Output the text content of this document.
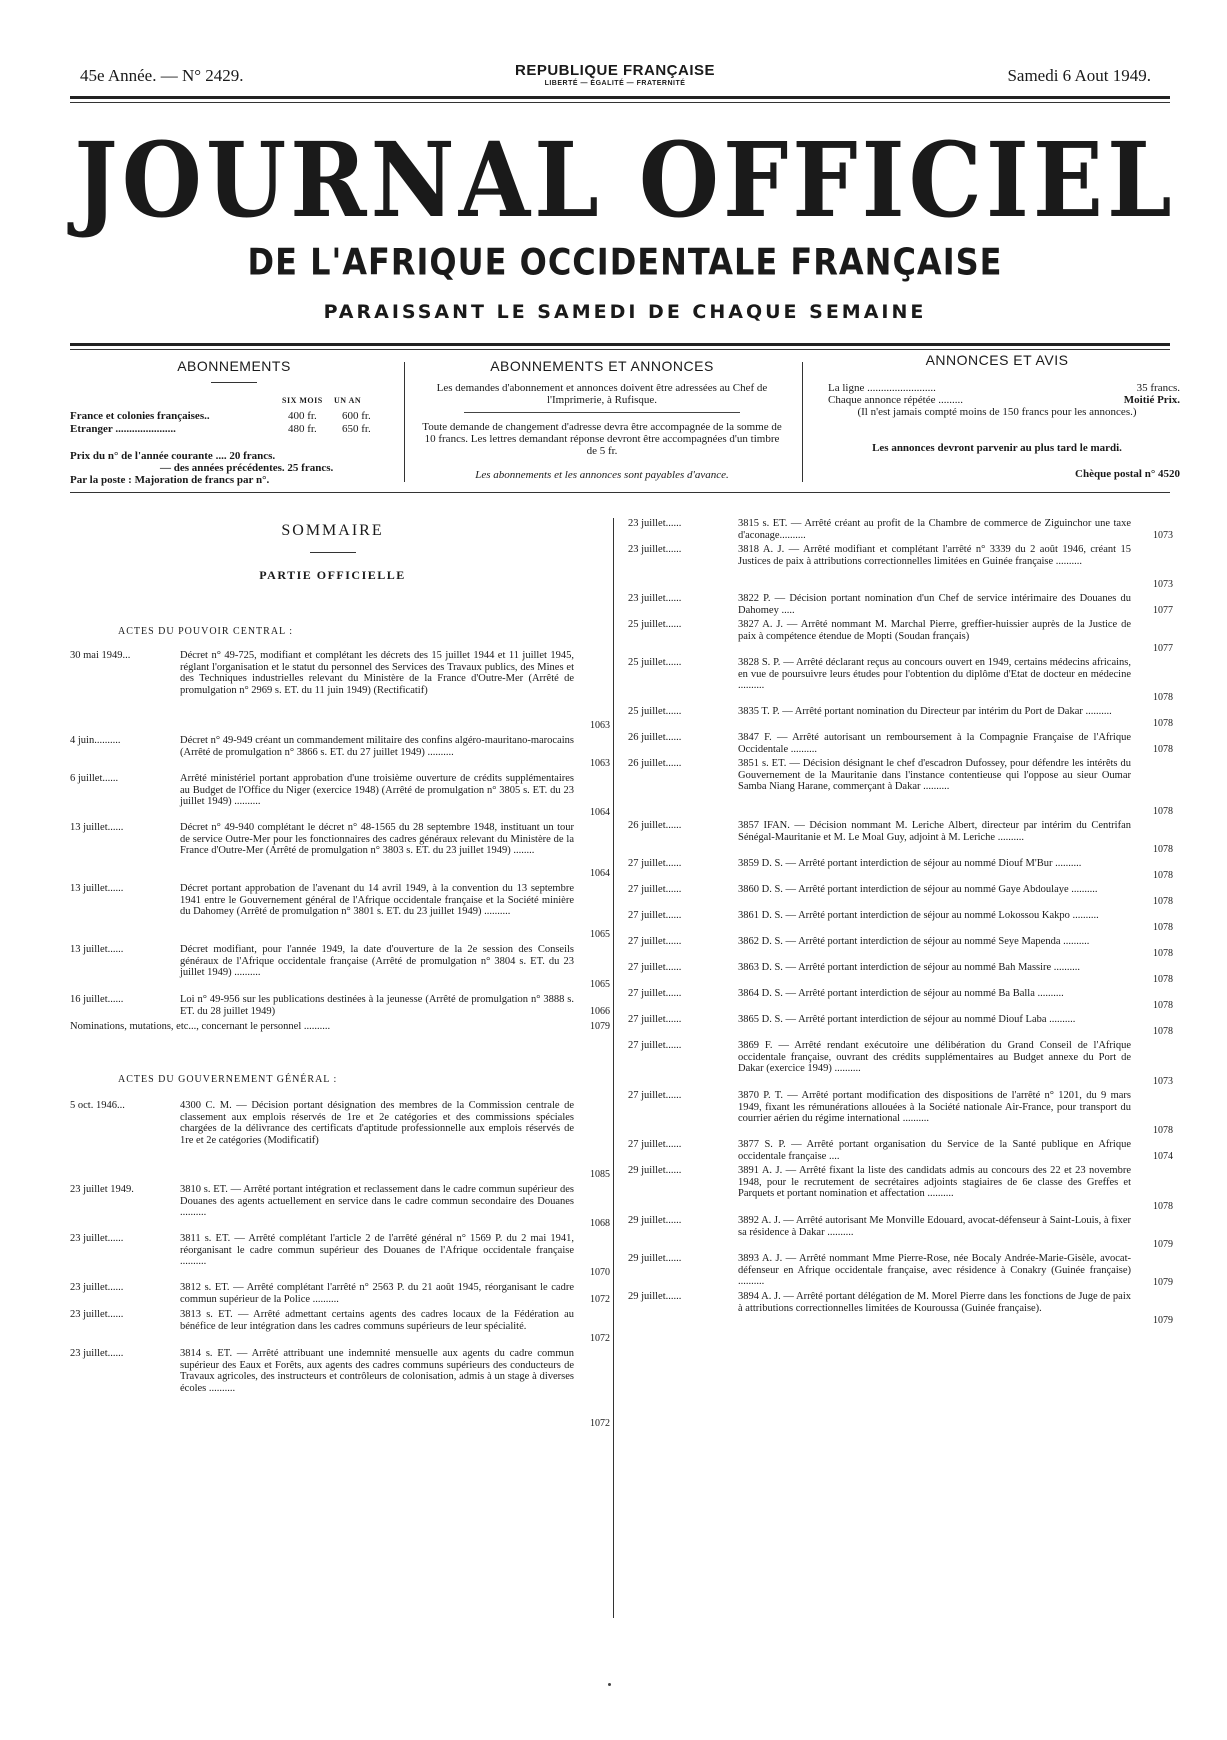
45e Année. — N° 2429.	REPUBLIQUE FRANÇAISE
LIBERTÉ — ÉGALITÉ — FRATERNITÉ	Samedi 6 Aout 1949.
JOURNAL OFFICIEL
DE L'AFRIQUE OCCIDENTALE FRANÇAISE
PARAISSANT LE SAMEDI DE CHAQUE SEMAINE
ABONNEMENTS
SIX MOIS UN AN
France et colonies françaises..	400 fr. 600 fr.
Etranger ......................	480 fr. 650 fr.
Prix du n° de l'année courante .... 20 francs.
— des années précédentes. 25 francs.
Par la poste : Majoration de francs par n°.
ABONNEMENTS ET ANNONCES

Les demandes d'abonnement et annonces doivent être adressées au Chef de l'Imprimerie, à Rufisque.

Toute demande de changement d'adresse devra être accompagnée de la somme de 10 francs. Les lettres demandant réponse devront être accompagnées d'un timbre de 5 fr.

Les abonnements et les annonces sont payables d'avance.

ANNONCES ET AVIS
La ligne .........................	35 francs.
Chaque annonce répétée .........	Moitié Prix.
(Il n'est jamais compté moins de 150 francs pour les annonces.)
Les annonces devront parvenir au plus tard le mardi.
Chèque postal n° 4520
SOMMAIRE
PARTIE OFFICIELLE
ACTES DU POUVOIR CENTRAL :
ACTES DU GOUVERNEMENT GÉNÉRAL :
30 mai 1949...	Décret n° 49-725, modifiant et complétant les décrets des 15 juillet 1944 et 11 juillet 1945, réglant l'organisation et le statut du personnel des Services des Travaux publics, des Mines et des Techniques industrielles relevant du Ministère de la France d'Outre-Mer (Arrêté de promulgation n° 2969 s. ET. du 11 juin 1949) (Rectificatif)
1063
4 juin..........	Décret n° 49-949 créant un commandement militaire des confins algéro-mauritano-marocains (Arrêté de promulgation n° 3866 s. ET. du 27 juillet 1949) ..........
1063
6 juillet......	Arrêté ministériel portant approbation d'une troisième ouverture de crédits supplémentaires au Budget de l'Office du Niger (exercice 1948) (Arrêté de promulgation n° 3805 s. ET. du 23 juillet 1949) ..........
1064
13 juillet......	Décret n° 49-940 complétant le décret n° 48-1565 du 28 septembre 1948, instituant un tour de service Outre-Mer pour les fonctionnaires des cadres généraux relevant du Ministère de la France d'Outre-Mer (Arrêté de promulgation n° 3803 s. ET. du 23 juillet 1949) ........
1064
13 juillet......	Décret portant approbation de l'avenant du 14 avril 1949, à la convention du 13 septembre 1941 entre le Gouvernement général de l'Afrique occidentale française et la Société minière du Dahomey (Arrêté de promulgation n° 3801 s. ET. du 23 juillet 1949) ..........
1065
13 juillet......	Décret modifiant, pour l'année 1949, la date d'ouverture de la 2e session des Conseils généraux de l'Afrique occidentale française (Arrêté de promulgation n° 3804 s. ET. du 23 juillet 1949) ..........
1065
16 juillet......	Loi n° 49-956 sur les publications destinées à la jeunesse (Arrêté de promulgation n° 3888 s. ET. du 28 juillet 1949)	1066
Nominations, mutations, etc..., concernant le personnel ..........	1079
5 oct. 1946...	4300 C. M. — Décision portant désignation des membres de la Commission centrale de classement aux emplois réservés de 1re et 2e catégories et des commissions spéciales chargées de la délivrance des certificats d'aptitude professionnelle aux emplois réservés de 1re et 2e catégories (Modificatif)
1085
23 juillet 1949.	3810 s. ET. — Arrêté portant intégration et reclassement dans le cadre commun supérieur des Douanes des agents actuellement en service dans le cadre commun secondaire des Douanes ..........
1068
23 juillet......	3811 s. ET. — Arrêté complétant l'article 2 de l'arrêté général n° 1569 P. du 2 mai 1941, réorganisant le cadre commun supérieur des Douanes de l'Afrique occidentale française ..........
1070
23 juillet......	3812 s. ET. — Arrêté complétant l'arrêté n° 2563 P. du 21 août 1945, réorganisant le cadre commun supérieur de la Police ..........	1072
23 juillet......	3813 s. ET. — Arrêté admettant certains agents des cadres locaux de la Fédération au bénéfice de leur intégration dans les cadres communs supérieurs de leur spécialité.
1072
23 juillet......	3814 s. ET. — Arrêté attribuant une indemnité mensuelle aux agents du cadre commun supérieur des Eaux et Forêts, aux agents des cadres communs supérieurs des conducteurs de Travaux agricoles, des instructeurs et contrôleurs de colonisation, admis à un stage à diverses écoles ..........
1072
23 juillet......	3815 s. ET. — Arrêté créant au profit de la Chambre de commerce de Ziguinchor une taxe d'aconage..........	1073
23 juillet......	3818 A. J. — Arrêté modifiant et complétant l'arrêté n° 3339 du 2 août 1946, créant 15 Justices de paix à attributions correctionnelles limitées en Guinée française ..........
1073
23 juillet......	3822 P. — Décision portant nomination d'un Chef de service intérimaire des Douanes du Dahomey .....	1077
25 juillet......	3827 A. J. — Arrêté nommant M. Marchal Pierre, greffier-huissier auprès de la Justice de paix à compétence étendue de Mopti (Soudan français)
1077
25 juillet......	3828 S. P. — Arrêté déclarant reçus au concours ouvert en 1949, certains médecins africains, en vue de poursuivre leurs études pour l'obtention du diplôme d'Etat de docteur en médecine ..........
1078
25 juillet......	3835 T. P. — Arrêté portant nomination du Directeur par intérim du Port de Dakar ..........
1078
26 juillet......	3847 F. — Arrêté autorisant un remboursement à la Compagnie Française de l'Afrique Occidentale ..........	1078
26 juillet......	3851 s. ET. — Décision désignant le chef d'escadron Dufossey, pour défendre les intérêts du Gouvernement de la Mauritanie dans l'instance contentieuse qui l'oppose au sieur Oumar Samba Niang Harane, commerçant à Dakar ..........
1078
26 juillet......	3857 IFAN. — Décision nommant M. Leriche Albert, directeur par intérim du Centrifan Sénégal-Mauritanie et M. Le Moal Guy, adjoint à M. Leriche ..........
1078
27 juillet......	3859 D. S. — Arrêté portant interdiction de séjour au nommé Diouf M'Bur ..........
1078
27 juillet......	3860 D. S. — Arrêté portant interdiction de séjour au nommé Gaye Abdoulaye ..........
1078
27 juillet......	3861 D. S. — Arrêté portant interdiction de séjour au nommé Lokossou Kakpo ..........
1078
27 juillet......	3862 D. S. — Arrêté portant interdiction de séjour au nommé Seye Mapenda ..........
1078
27 juillet......	3863 D. S. — Arrêté portant interdiction de séjour au nommé Bah Massire ..........
1078
27 juillet......	3864 D. S. — Arrêté portant interdiction de séjour au nommé Ba Balla ..........
1078
27 juillet......	3865 D. S. — Arrêté portant interdiction de séjour au nommé Diouf Laba ..........
1078
27 juillet......	3869 F. — Arrêté rendant exécutoire une délibération du Grand Conseil de l'Afrique occidentale française, ouvrant des crédits supplémentaires au Budget annexe du Port de Dakar (exercice 1949) ..........
1073
27 juillet......	3870 P. T. — Arrêté portant modification des dispositions de l'arrêté n° 1201, du 9 mars 1949, fixant les rémunérations allouées à la Société nationale Air-France, pour transport du courrier aérien du régime international ..........
1078
27 juillet......	3877 S. P. — Arrêté portant organisation du Service de la Santé publique en Afrique occidentale française ....	1074
29 juillet......	3891 A. J. — Arrêté fixant la liste des candidats admis au concours des 22 et 23 novembre 1948, pour le recrutement de secrétaires adjoints stagiaires de 6e classe des Greffes et Parquets et portant nomination et affectation ..........
1078
29 juillet......	3892 A. J. — Arrêté autorisant Me Monville Edouard, avocat-défenseur à Saint-Louis, à fixer sa résidence à Dakar ..........
1079
29 juillet......	3893 A. J. — Arrêté nommant Mme Pierre-Rose, née Bocaly Andrée-Marie-Gisèle, avocat-défenseur en Afrique occidentale française, avec résidence à Conakry (Guinée française) ..........	1079
29 juillet......	3894 A. J. — Arrêté portant délégation de M. Morel Pierre dans les fonctions de Juge de paix à attributions correctionnelles limitées de Kouroussa (Guinée française).
1079
